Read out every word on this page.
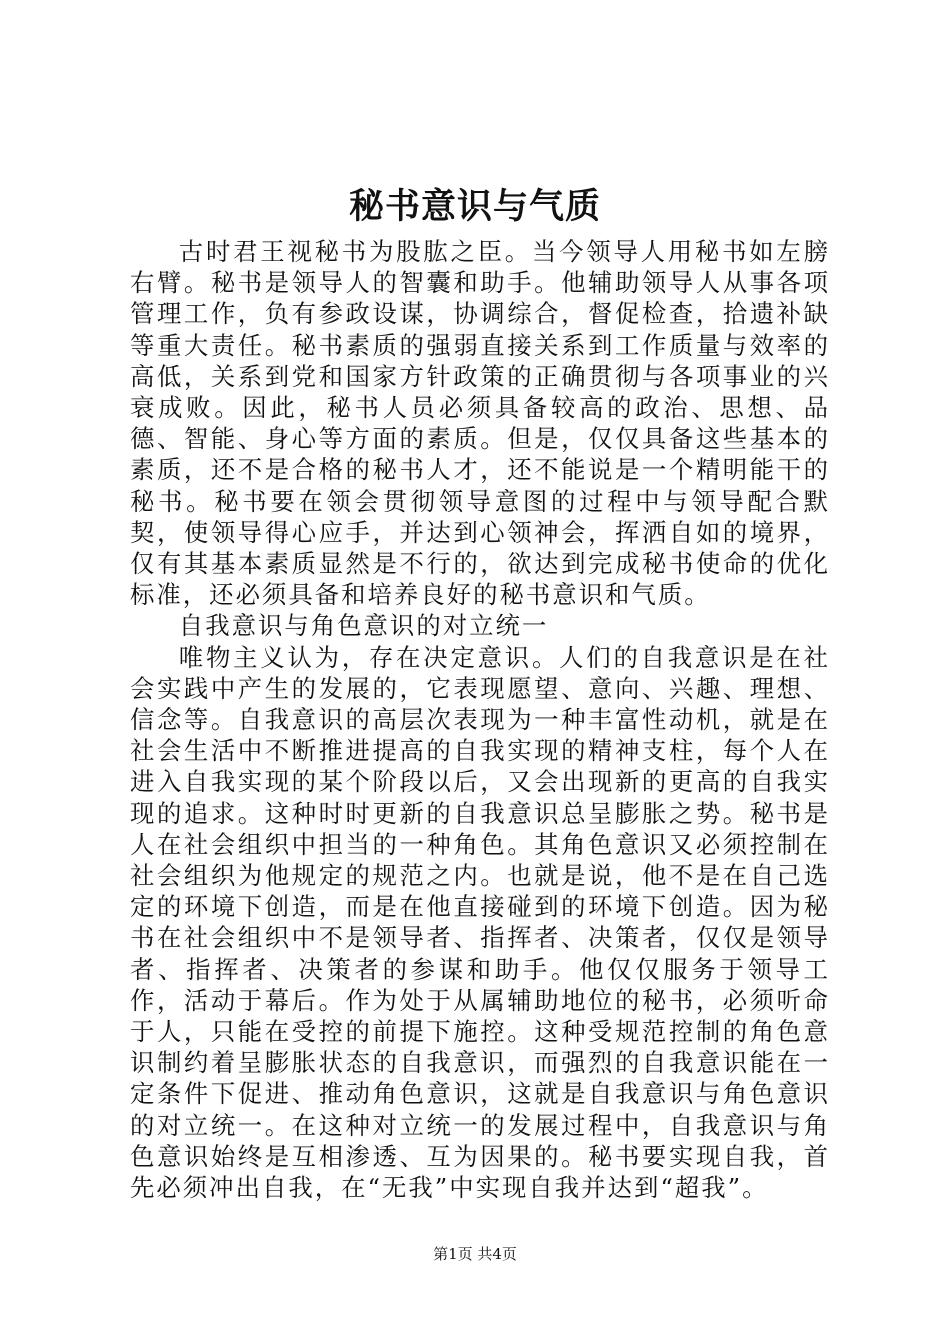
秘书意识与气质

古时君王视秘书为股肱之臣。当今领导人用秘书如左膀右臂。秘书是领导人的智囊和助手。他辅助领导人从事各项管理工作，负有参政设谋，协调综合，督促检查，拾遗补缺等重大责任。秘书素质的强弱直接关系到工作质量与效率的高低，关系到党和国家方针政策的正确贯彻与各项事业的兴衰成败。因此，秘书人员必须具备较高的政治、思想、品德、智能、身心等方面的素质。但是，仅仅具备这些基本的素质，还不是合格的秘书人才，还不能说是一个精明能干的秘书。秘书要在领会贯彻领导意图的过程中与领导配合默契，使领导得心应手，并达到心领神会，挥洒自如的境界，仅有其基本素质显然是不行的，欲达到完成秘书使命的优化标准，还必须具备和培养良好的秘书意识和气质。

自我意识与角色意识的对立统一

唯物主义认为，存在决定意识。人们的自我意识是在社会实践中产生的发展的，它表现愿望、意向、兴趣、理想、信念等。自我意识的高层次表现为一种丰富性动机，就是在社会生活中不断推进提高的自我实现的精神支柱，每个人在进入自我实现的某个阶段以后，又会出现新的更高的自我实现的追求。这种时时更新的自我意识总呈膨胀之势。秘书是人在社会组织中担当的一种角色。其角色意识又必须控制在社会组织为他规定的规范之内。也就是说，他不是在自己选定的环境下创造，而是在他直接碰到的环境下创造。因为秘书在社会组织中不是领导者、指挥者、决策者，仅仅是领导者、指挥者、决策者的参谋和助手。他仅仅服务于领导工作，活动于幕后。作为处于从属辅助地位的秘书，必须听命于人，只能在受控的前提下施控。这种受规范控制的角色意识制约着呈膨胀状态的自我意识，而强烈的自我意识能在一定条件下促进、推动角色意识，这就是自我意识与角色意识的对立统一。在这种对立统一的发展过程中，自我意识与角色意识始终是互相渗透、互为因果的。秘书要实现自我，首先必须冲出自我，在“无我”中实现自我并达到“超我”。

第1页 共4页
